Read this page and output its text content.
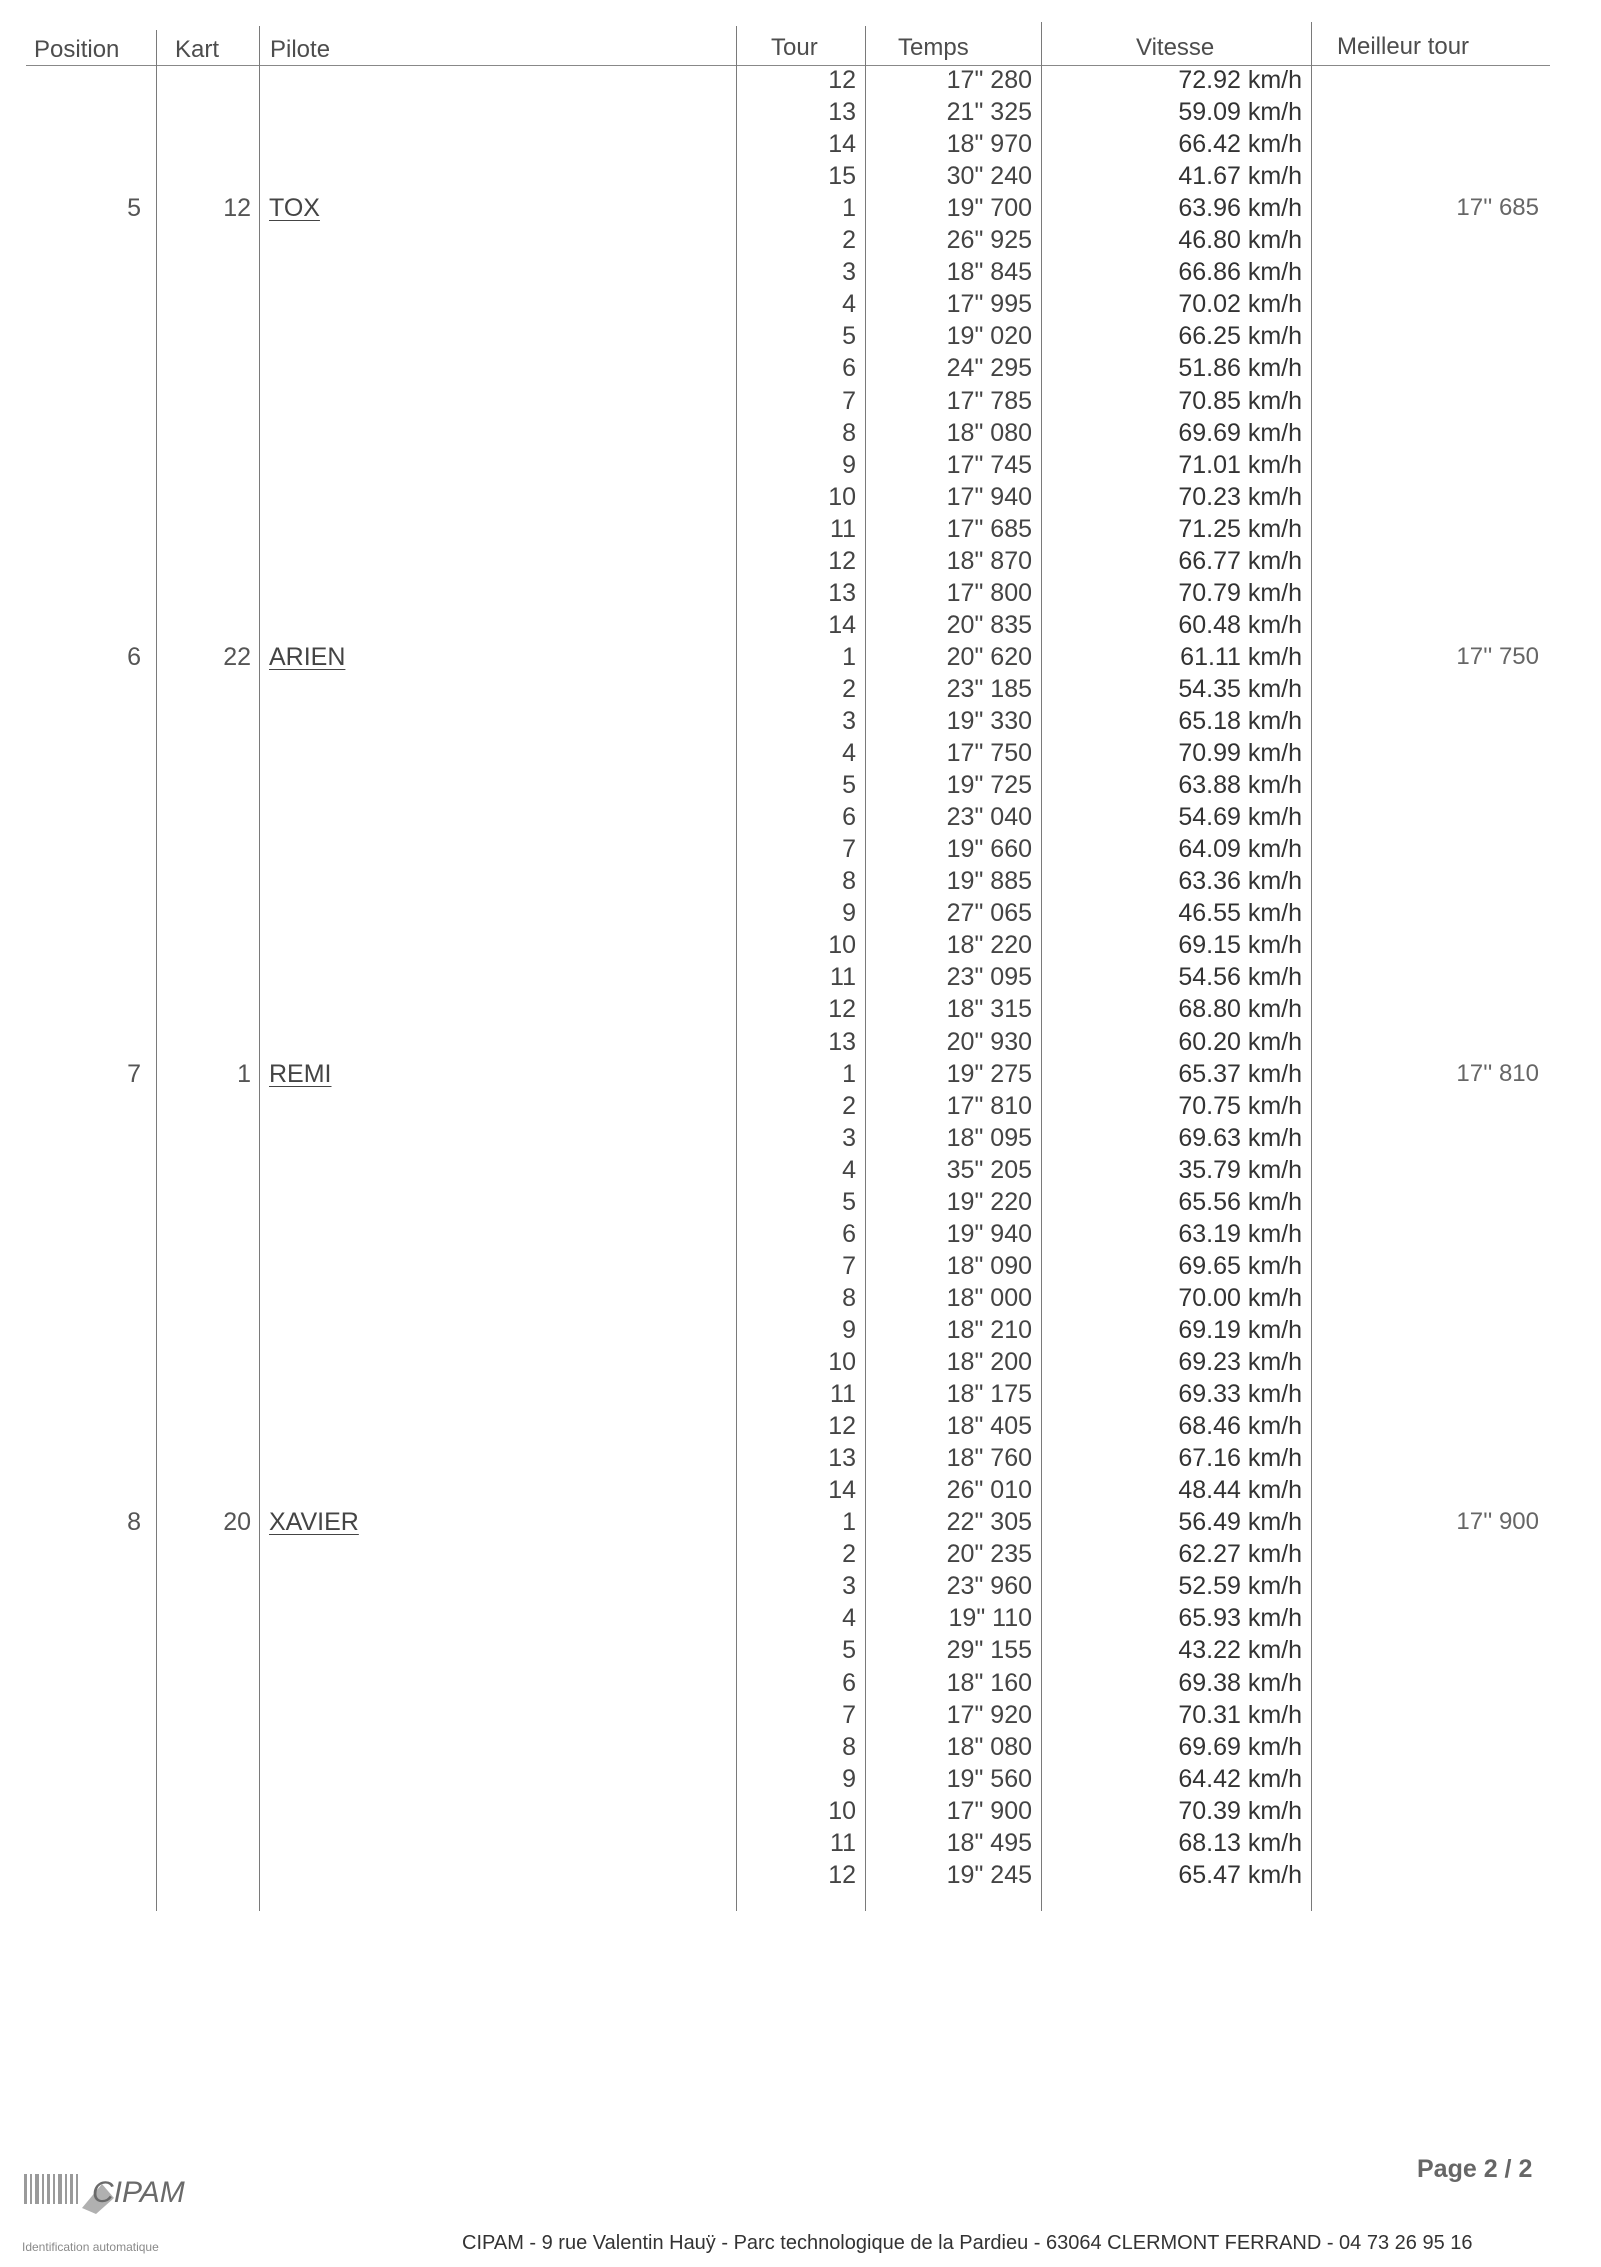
Position Kart Pilote	Tour	Temps	Vitesse	Meilleur tour
12	17" 280	72.92 km/h
13	21" 325	59.09 km/h
14	18" 970	66.42 km/h
15	30" 240	41.67 km/h
5	12 TOX	1	19" 700	63.96 km/h	17'' 685
2	26" 925	46.80 km/h
3	18" 845	66.86 km/h
4	17" 995	70.02 km/h
5	19" 020	66.25 km/h
6	24" 295	51.86 km/h
7	17" 785	70.85 km/h
8	18" 080	69.69 km/h
9	17" 745	71.01 km/h
10	17" 940	70.23 km/h
11	17" 685	71.25 km/h
12	18" 870	66.77 km/h
13	17" 800	70.79 km/h
14	20" 835	60.48 km/h
6	22 ARIEN	1	20" 620	61.11 km/h	17'' 750
2	23" 185	54.35 km/h
3	19" 330	65.18 km/h
4	17" 750	70.99 km/h
5	19" 725	63.88 km/h
6	23" 040	54.69 km/h
7	19" 660	64.09 km/h
8	19" 885	63.36 km/h
9	27" 065	46.55 km/h
10	18" 220	69.15 km/h
11	23" 095	54.56 km/h
12	18" 315	68.80 km/h
13	20" 930	60.20 km/h
7	1 REMI	1	19" 275	65.37 km/h	17'' 810
2	17" 810	70.75 km/h
3	18" 095	69.63 km/h
4	35" 205	35.79 km/h
5	19" 220	65.56 km/h
6	19" 940	63.19 km/h
7	18" 090	69.65 km/h
8	18" 000	70.00 km/h
9	18" 210	69.19 km/h
10	18" 200	69.23 km/h
11	18" 175	69.33 km/h
12	18" 405	68.46 km/h
13	18" 760	67.16 km/h
14	26" 010	48.44 km/h
8	20 XAVIER	1	22" 305	56.49 km/h	17'' 900
2	20" 235	62.27 km/h
3	23" 960	52.59 km/h
4	19" 110	65.93 km/h
5	29" 155	43.22 km/h
6	18" 160	69.38 km/h
7	17" 920	70.31 km/h
8	18" 080	69.69 km/h
9	19" 560	64.42 km/h
10	17" 900	70.39 km/h
11	18" 495	68.13 km/h
12	19" 245	65.47 km/h
CIPAM
Identification automatique
Page 2 / 2
CIPAM - 9 rue Valentin Hauÿ - Parc technologique de la Pardieu - 63064 CLERMONT FERRAND - 04 73 26 95 16
